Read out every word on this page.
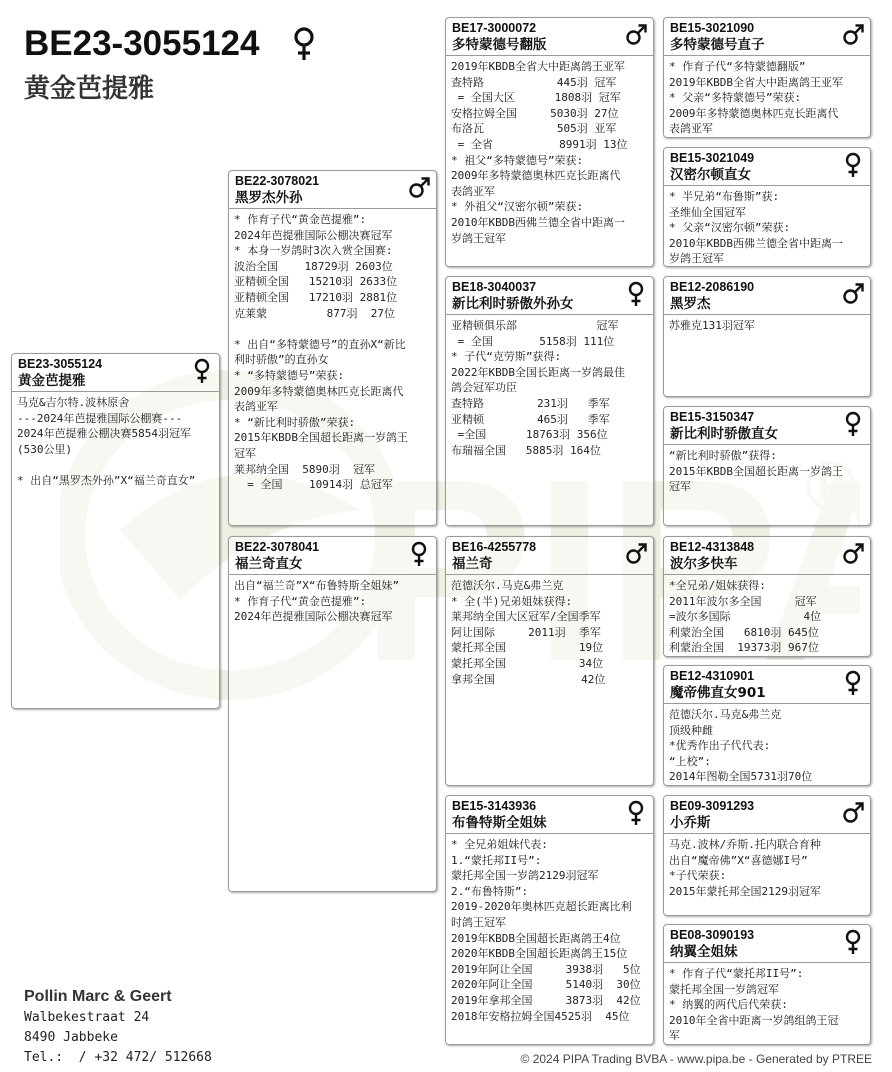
BE23-3055124
黄金芭提雅
BE23-3055124
黄金芭提雅
马克&吉尔特.波林原舍
---2024年芭提雅国际公棚赛---
2024年芭提雅公棚决赛5854羽冠军
(530公里)

* 出自“黑罗杰外孙”X“福兰奇直女”
BE22-3078021
黑罗杰外孙
* 作育子代“黄金芭提雅”:
2024年芭提雅国际公棚决赛冠军
* 本身一岁鸽时3次入赏全国赛:
波治全国    18729羽 2603位
亚精顿全国   15210羽 2633位
亚精顿全国   17210羽 2881位
克莱蒙         877羽  27位

* 出自“多特蒙德号”的直孙X“新比
利时骄傲”的直孙女
* “多特蒙德号”荣获:
2009年多特蒙德奥林匹克长距离代
表鸽亚军
* “新比利时骄傲”荣获:
2015年KBDB全国超长距离一岁鸽王
冠军
莱邦纳全国  5890羽  冠军
= 全国    10914羽 总冠军
BE22-3078041
福兰奇直女
出自“福兰奇”X“布鲁特斯全姐妹”
* 作育子代“黄金芭提雅”:
2024年芭提雅国际公棚决赛冠军
BE17-3000072
多特蒙德号翻版
2019年KBDB全省大中距离鸽王亚军
查特路           445羽 冠军
= 全国大区      1808羽 冠军
安格拉姆全国     5030羽 27位
布洛瓦           505羽 亚军
= 全省          8991羽 13位
* 祖父“多特蒙德号”荣获:
2009年多特蒙德奥林匹克长距离代
表鸽亚军
* 外祖父“汉密尔顿”荣获:
2010年KBDB西佛兰德全省中距离一
岁鸽王冠军
BE18-3040037
新比利时骄傲外孙女
亚精顿俱乐部            冠军
= 全国       5158羽 111位
* 子代“克劳斯”获得:
2022年KBDB全国长距离一岁鸽最佳
鸽会冠军功臣
查特路        231羽   季军
亚精顿        465羽   季军
=全国      18763羽 356位
布瑞福全国   5885羽 164位
BE16-4255778
福兰奇
范德沃尔.马克&弗兰克
* 全(半)兄弟姐妹获得:
莱邦纳全国大区冠军/全国季军
阿让国际     2011羽  季军
蒙托邦全国           19位
蒙托邦全国           34位
拿邦全国             42位
BE15-3143936
布鲁特斯全姐妹
* 全兄弟姐妹代表:
1.“蒙托邦II号”:
蒙托邦全国一岁鸽2129羽冠军
2.“布鲁特斯”:
2019-2020年奥林匹克超长距离比利
时鸽王冠军
2019年KBDB全国超长距离鸽王4位
2020年KBDB全国超长距离鸽王15位
2019年阿让全国     3938羽   5位
2020年阿让全国     5140羽  30位
2019年拿邦全国     3873羽  42位
2018年安格拉姆全国4525羽  45位
BE15-3021090
多特蒙德号直子
* 作育子代“多特蒙德翻版”
2019年KBDB全省大中距离鸽王亚军
* 父亲“多特蒙德号”荣获:
2009年多特蒙德奥林匹克长距离代
表鸽亚军
BE15-3021049
汉密尔顿直女
* 半兄弟“布鲁斯”获:
圣维仙全国冠军
* 父亲“汉密尔顿”荣获:
2010年KBDB西佛兰德全省中距离一
岁鸽王冠军
BE12-2086190
黑罗杰
苏雅克131羽冠军
BE15-3150347
新比利时骄傲直女
“新比利时骄傲”获得:
2015年KBDB全国超长距离一岁鸽王
冠军
BE12-4313848
波尔多快车
*全兄弟/姐妹获得:
2011年波尔多全国     冠军
=波尔多国际           4位
利蒙治全国   6810羽 645位
利蒙治全国  19373羽 967位
BE12-4310901
魔帝佛直女901
范德沃尔.马克&弗兰克
顶级种雌
*优秀作出子代代表:
“上校”:
2014年图勒全国5731羽70位
BE09-3091293
小乔斯
马克.波林/乔斯.托内联合育种
出自“魔帝佛”X“喜德娜I号”
*子代荣获:
2015年蒙托邦全国2129羽冠军
BE08-3090193
纳翼全姐妹
* 作育子代“蒙托邦II号”:
蒙托邦全国一岁鸽冠军
* 纳翼的两代后代荣获:
2010年全省中距离一岁鸽组鸽王冠
军
Pollin Marc & Geert
Walbekestraat 24
8490 Jabbeke
Tel.:  / +32 472/ 512668	© 2024 PIPA Trading BVBA - www.pipa.be - Generated by PTREE
